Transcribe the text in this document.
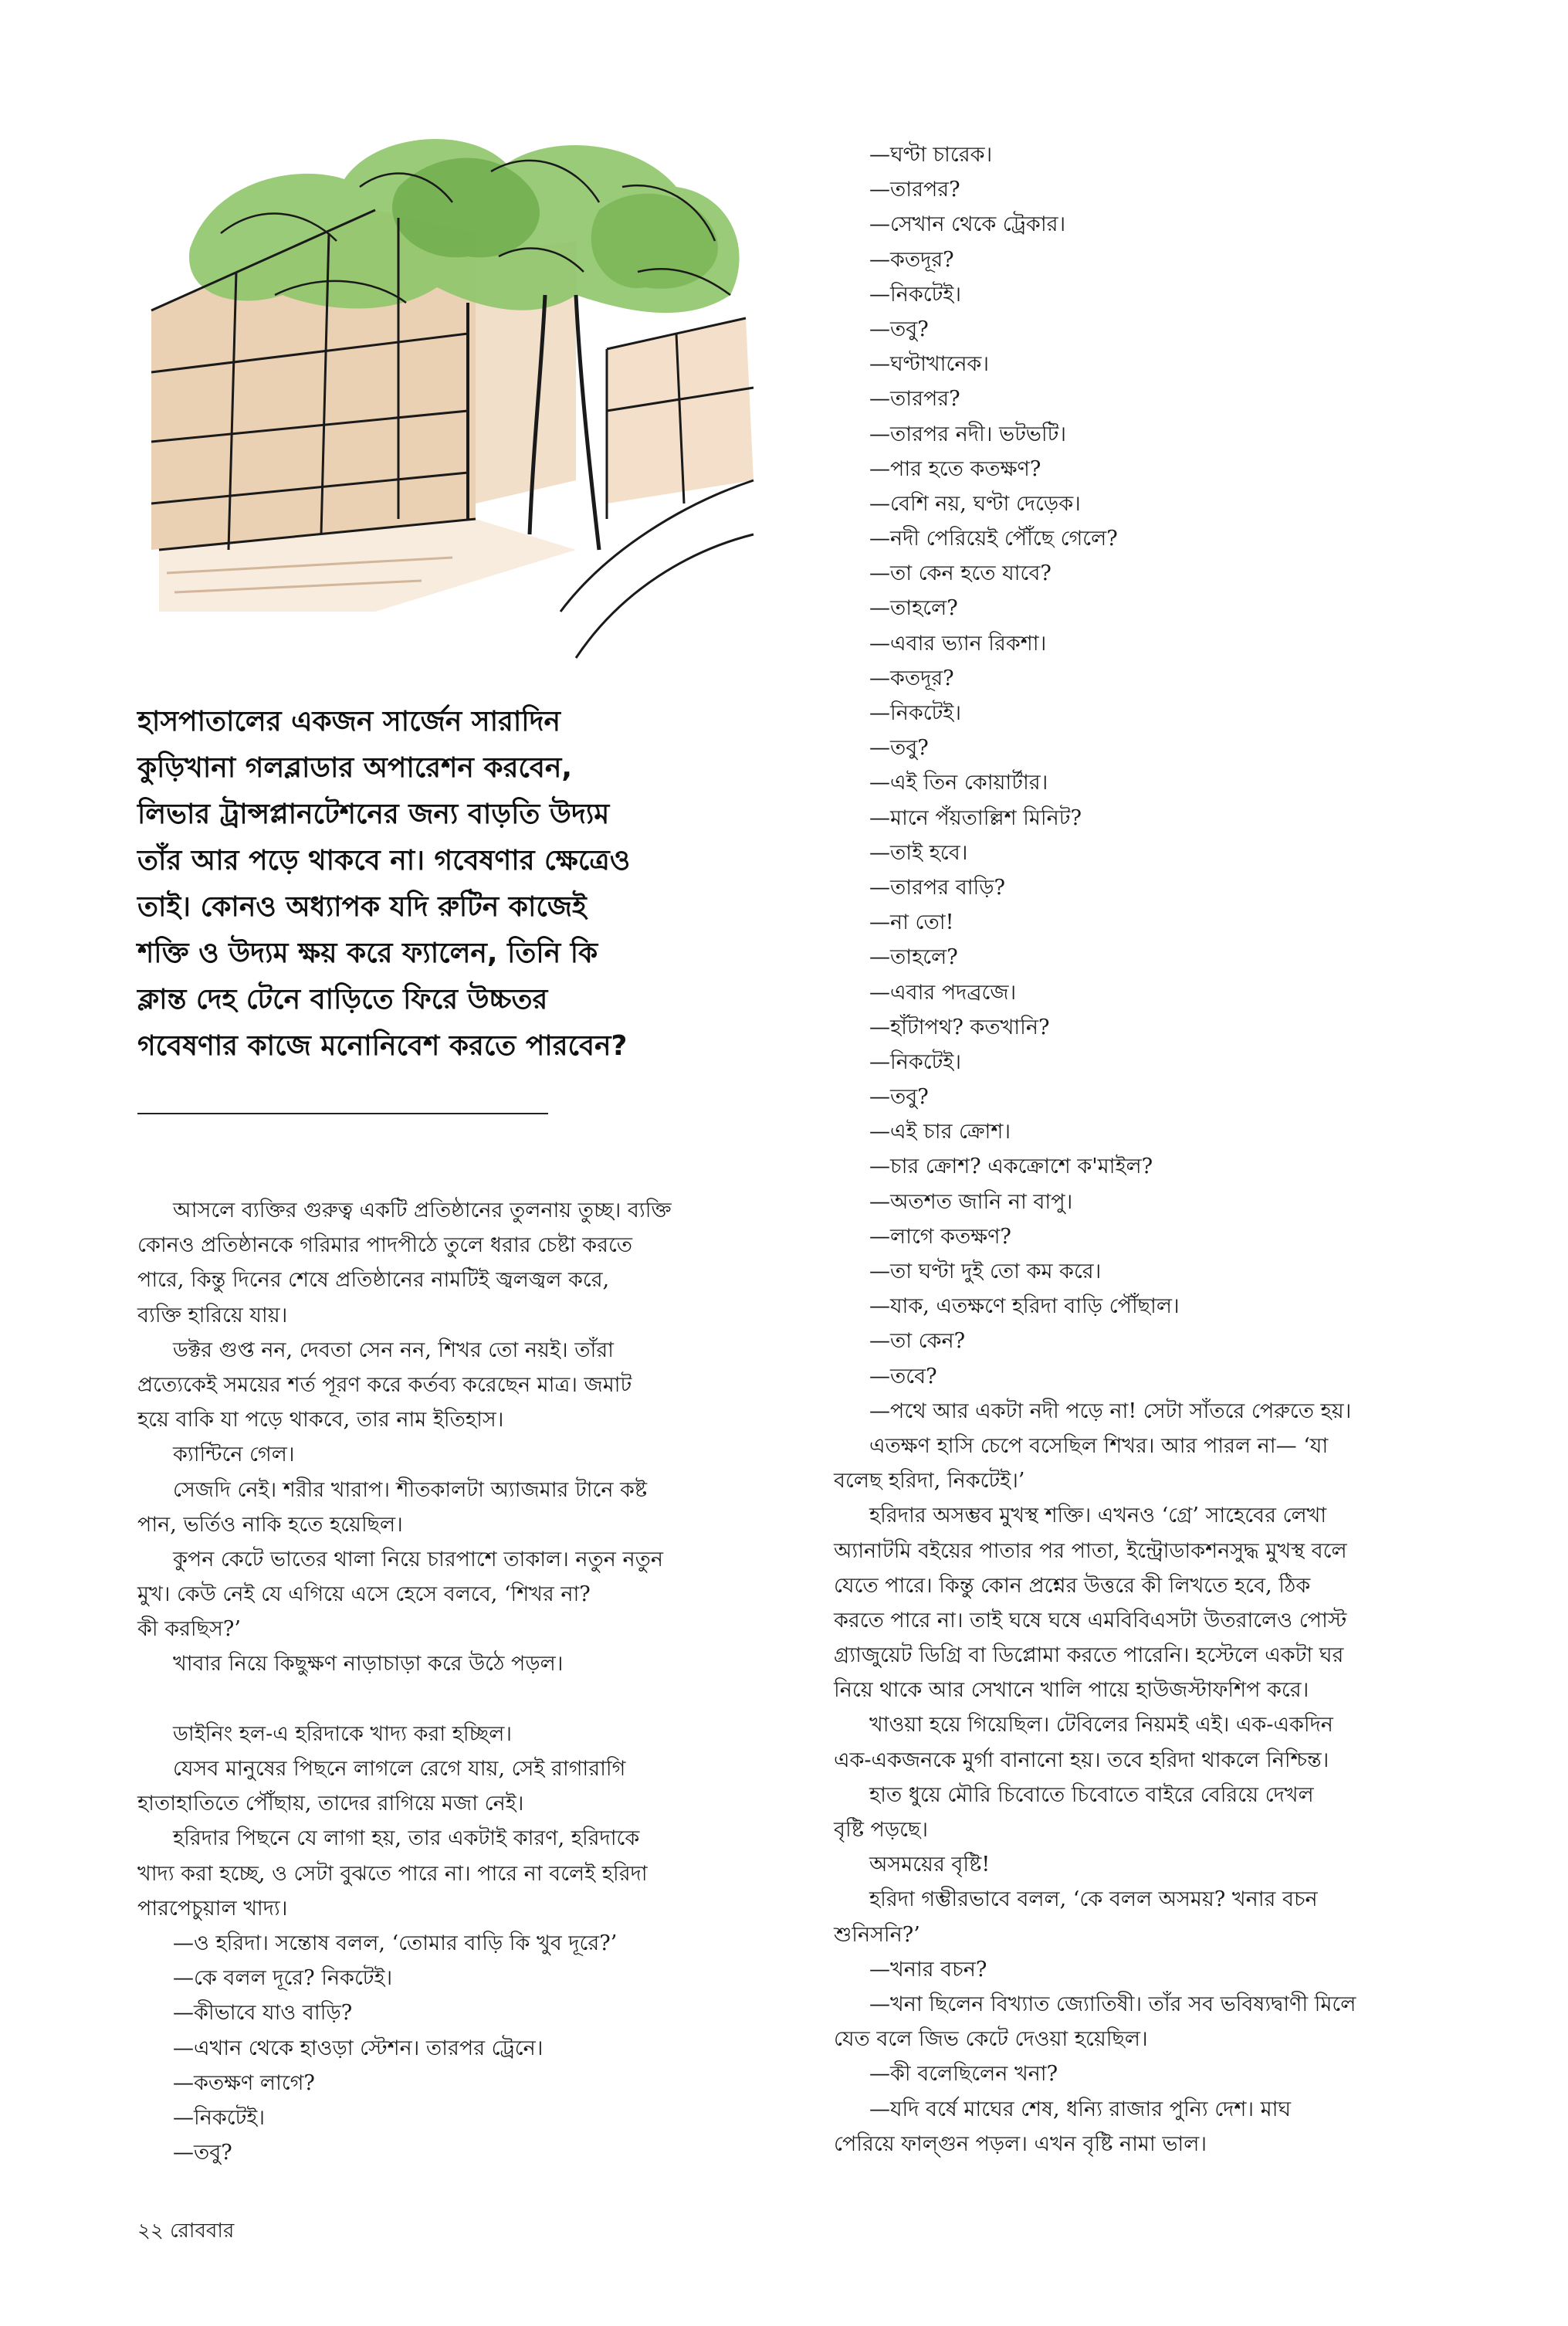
হাসপাতালের একজন সার্জেন সারাদিন
কুড়িখানা গলব্লাডার অপারেশন করবেন,
লিভার ট্রান্সপ্লানটেশনের জন্য বাড়তি উদ্যম
তাঁর আর পড়ে থাকবে না। গবেষণার ক্ষেত্রেও
তাই। কোনও অধ্যাপক যদি রুটিন কাজেই
শক্তি ও উদ্যম ক্ষয় করে ফ্যালেন, তিনি কি
ক্লান্ত দেহ টেনে বাড়িতে ফিরে উচ্চতর
গবেষণার কাজে মনোনিবেশ করতে পারবেন?
আসলে ব্যক্তির গুরুত্ব একটি প্রতিষ্ঠানের তুলনায় তুচ্ছ। ব্যক্তি
কোনও প্রতিষ্ঠানকে গরিমার পাদপীঠে তুলে ধরার চেষ্টা করতে
পারে, কিন্তু দিনের শেষে প্রতিষ্ঠানের নামটিই জ্বলজ্বল করে,
ব্যক্তি হারিয়ে যায়।
ডক্টর গুপ্ত নন, দেবতা সেন নন, শিখর তো নয়ই। তাঁরা
প্রত্যেকেই সময়ের শর্ত পূরণ করে কর্তব্য করেছেন মাত্র। জমাট
হয়ে বাকি যা পড়ে থাকবে, তার নাম ইতিহাস।
ক্যান্টিনে গেল।
সেজদি নেই। শরীর খারাপ। শীতকালটা অ্যাজমার টানে কষ্ট
পান, ভর্তিও নাকি হতে হয়েছিল।
কুপন কেটে ভাতের থালা নিয়ে চারপাশে তাকাল। নতুন নতুন
মুখ। কেউ নেই যে এগিয়ে এসে হেসে বলবে, ‘শিখর না?
কী করছিস?’
খাবার নিয়ে কিছুক্ষণ নাড়াচাড়া করে উঠে পড়ল।
ডাইনিং হল-এ হরিদাকে খাদ্য করা হচ্ছিল।
যেসব মানুষের পিছনে লাগলে রেগে যায়, সেই রাগারাগি
হাতাহাতিতে পৌঁছায়, তাদের রাগিয়ে মজা নেই।
হরিদার পিছনে যে লাগা হয়, তার একটাই কারণ, হরিদাকে
খাদ্য করা হচ্ছে, ও সেটা বুঝতে পারে না। পারে না বলেই হরিদা
পারপেচুয়াল খাদ্য।
—ও হরিদা। সন্তোষ বলল, ‘তোমার বাড়ি কি খুব দূরে?’
—কে বলল দূরে? নিকটেই।
—কীভাবে যাও বাড়ি?
—এখান থেকে হাওড়া স্টেশন। তারপর ট্রেনে।
—কতক্ষণ লাগে?
—নিকটেই।
—তবু?
—ঘণ্টা চারেক।
—তারপর?
—সেখান থেকে ট্রেকার।
—কতদূর?
—নিকটেই।
—তবু?
—ঘণ্টাখানেক।
—তারপর?
—তারপর নদী। ভটভটি।
—পার হতে কতক্ষণ?
—বেশি নয়, ঘণ্টা দেড়েক।
—নদী পেরিয়েই পৌঁছে গেলে?
—তা কেন হতে যাবে?
—তাহলে?
—এবার ভ্যান রিকশা।
—কতদূর?
—নিকটেই।
—তবু?
—এই তিন কোয়ার্টার।
—মানে পঁয়তাল্লিশ মিনিট?
—তাই হবে।
—তারপর বাড়ি?
—না তো!
—তাহলে?
—এবার পদব্রজে।
—হাঁটাপথ? কতখানি?
—নিকটেই।
—তবু?
—এই চার ক্রোশ।
—চার ক্রোশ? একক্রোশে ক'মাইল?
—অতশত জানি না বাপু।
—লাগে কতক্ষণ?
—তা ঘণ্টা দুই তো কম করে।
—যাক, এতক্ষণে হরিদা বাড়ি পৌঁছাল।
—তা কেন?
—তবে?
—পথে আর একটা নদী পড়ে না! সেটা সাঁতরে পেরুতে হয়।
এতক্ষণ হাসি চেপে বসেছিল শিখর। আর পারল না— ‘যা
বলেছ হরিদা, নিকটেই।’
হরিদার অসম্ভব মুখস্থ শক্তি। এখনও ‘গ্রে’ সাহেবের লেখা
অ্যানাটমি বইয়ের পাতার পর পাতা, ইন্ট্রোডাকশনসুদ্ধ মুখস্থ বলে
যেতে পারে। কিন্তু কোন প্রশ্নের উত্তরে কী লিখতে হবে, ঠিক
করতে পারে না। তাই ঘষে ঘষে এমবিবিএসটা উতরালেও পোস্ট
গ্র্যাজুয়েট ডিগ্রি বা ডিপ্লোমা করতে পারেনি। হস্টেলে একটা ঘর
নিয়ে থাকে আর সেখানে খালি পায়ে হাউজস্টাফশিপ করে।
খাওয়া হয়ে গিয়েছিল। টেবিলের নিয়মই এই। এক-একদিন
এক-একজনকে মুর্গা বানানো হয়। তবে হরিদা থাকলে নিশ্চিন্ত।
হাত ধুয়ে মৌরি চিবোতে চিবোতে বাইরে বেরিয়ে দেখল
বৃষ্টি পড়ছে।
অসময়ের বৃষ্টি!
হরিদা গম্ভীরভাবে বলল, ‘কে বলল অসময়? খনার বচন
শুনিসনি?’
—খনার বচন?
—খনা ছিলেন বিখ্যাত জ্যোতিষী। তাঁর সব ভবিষ্যদ্বাণী মিলে
যেত বলে জিভ কেটে দেওয়া হয়েছিল।
—কী বলেছিলেন খনা?
—যদি বর্ষে মাঘের শেষ, ধন্যি রাজার পুন্যি দেশ। মাঘ
পেরিয়ে ফাল্গুন পড়ল। এখন বৃষ্টি নামা ভাল।
২২ রোববার
